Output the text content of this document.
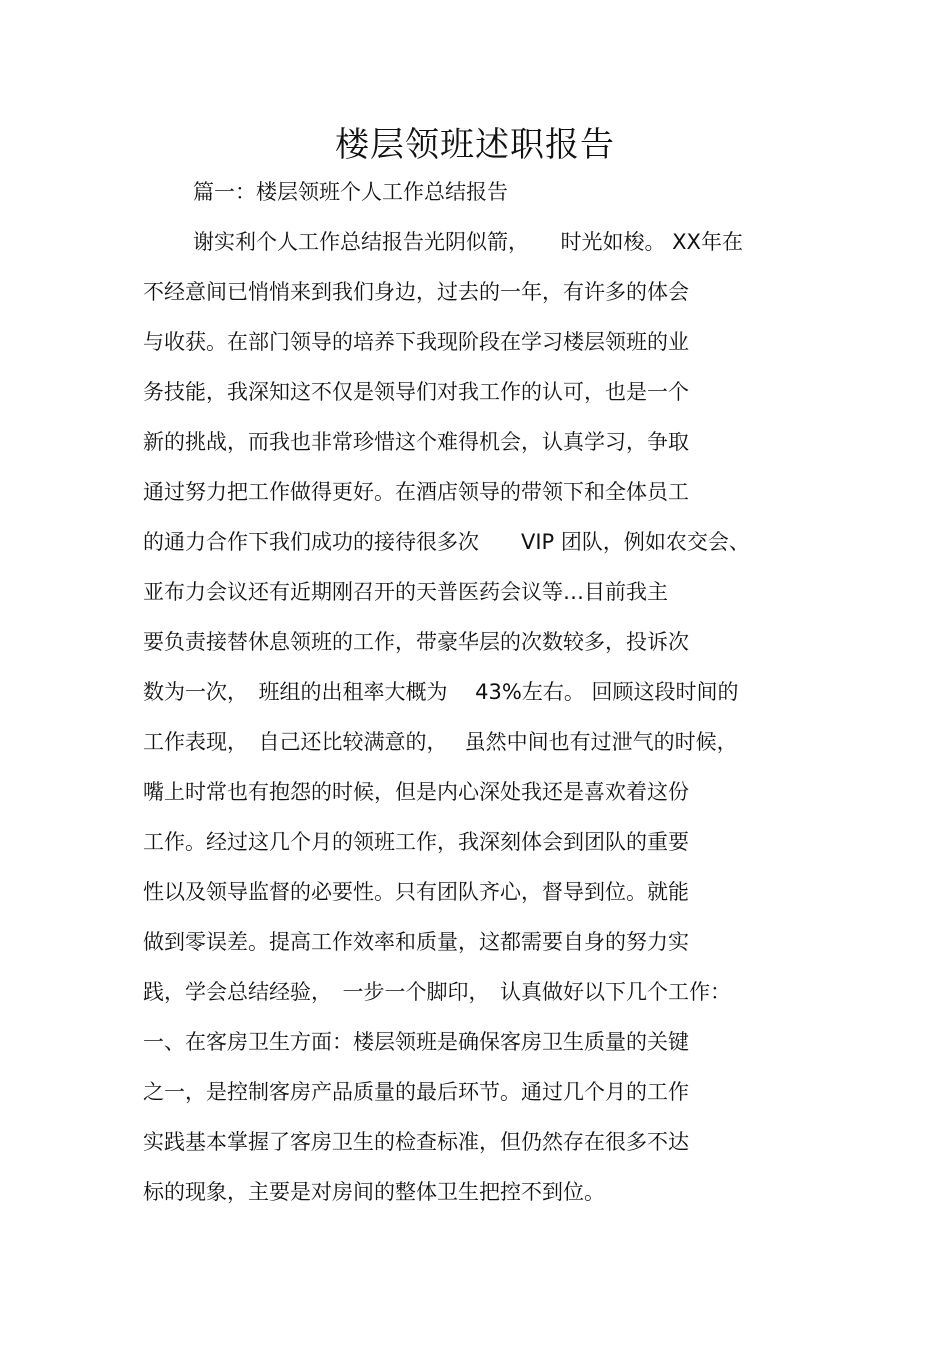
楼层领班述职报告
篇一：楼层领班个人工作总结报告
谢实利个人工作总结报告光阴似箭，　　时光如梭。 XX年在
不经意间已悄悄来到我们身边，过去的一年，有许多的体会
与收获。在部门领导的培养下我现阶段在学习楼层领班的业
务技能，我深知这不仅是领导们对我工作的认可，也是一个
新的挑战，而我也非常珍惜这个难得机会，认真学习，争取
通过努力把工作做得更好。在酒店领导的带领下和全体员工
的通力合作下我们成功的接待很多次　　VIP 团队，例如农交会、
亚布力会议还有近期刚召开的天普医药会议等…目前我主
要负责接替休息领班的工作，带豪华层的次数较多，投诉次
数为一次，　班组的出租率大概为　 43%左右。 回顾这段时间的
工作表现，　自己还比较满意的，　 虽然中间也有过泄气的时候，
嘴上时常也有抱怨的时候，但是内心深处我还是喜欢着这份
工作。经过这几个月的领班工作，我深刻体会到团队的重要
性以及领导监督的必要性。只有团队齐心，督导到位。就能
做到零误差。提高工作效率和质量，这都需要自身的努力实
践，学会总结经验，　一步一个脚印，　认真做好以下几个工作：
一、在客房卫生方面：楼层领班是确保客房卫生质量的关键
之一，是控制客房产品质量的最后环节。通过几个月的工作
实践基本掌握了客房卫生的检查标准，但仍然存在很多不达
标的现象，主要是对房间的整体卫生把控不到位。
